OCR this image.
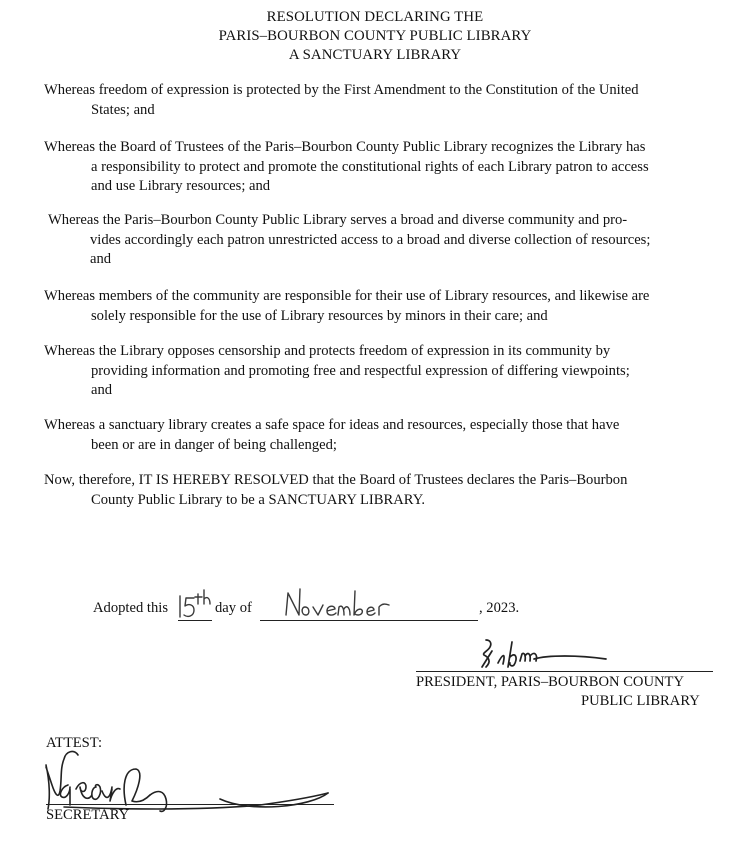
RESOLUTION DECLARING THE
PARIS–BOURBON COUNTY PUBLIC LIBRARY
A SANCTUARY LIBRARY
Whereas freedom of expression is protected by the First Amendment to the Constitution of the United
States; and
Whereas the Board of Trustees of the Paris–Bourbon County Public Library recognizes the Library has
a responsibility to protect and promote the constitutional rights of each Library patron to access
and use Library resources; and
Whereas the Paris–Bourbon County Public Library serves a broad and diverse community and pro-
vides accordingly each patron unrestricted access to a broad and diverse collection of resources;
and
Whereas members of the community are responsible for their use of Library resources, and likewise are
solely responsible for the use of Library resources by minors in their care; and
Whereas the Library opposes censorship and protects freedom of expression in its community by
providing information and promoting free and respectful expression of differing viewpoints;
and
Whereas a sanctuary library creates a safe space for ideas and resources, especially those that have
been or are in danger of being challenged;
Now, therefore, IT IS HEREBY RESOLVED that the Board of Trustees declares the Paris–Bourbon
County Public Library to be a SANCTUARY LIBRARY.
Adopted this	day of	, 2023.
PRESIDENT, PARIS–BOURBON COUNTY
PUBLIC LIBRARY
ATTEST:
SECRETARY
